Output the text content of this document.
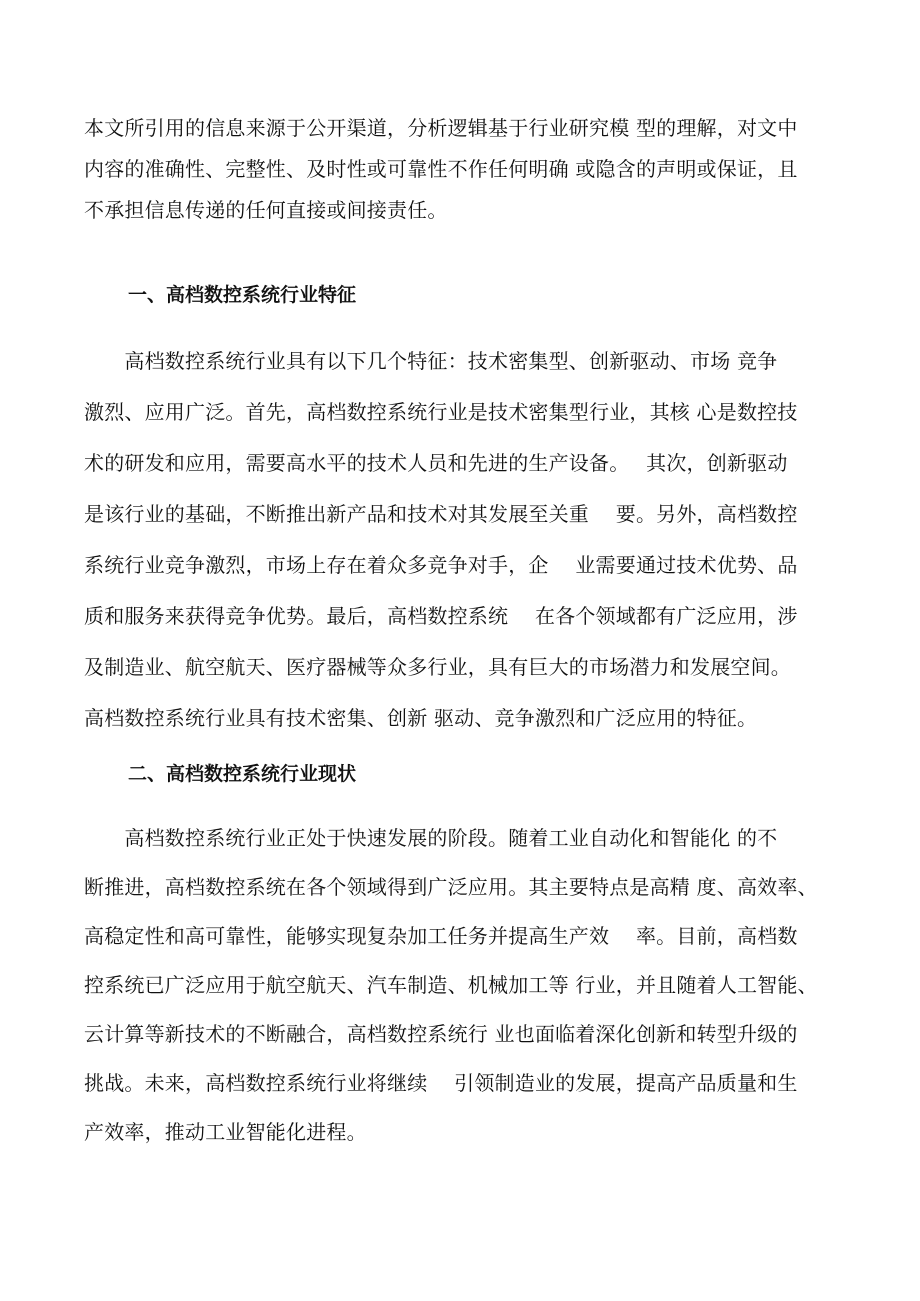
本文所引用的信息来源于公开渠道，分析逻辑基于行业研究模 型的理解，对文中
内容的准确性、完整性、及时性或可靠性不作任何明确 或隐含的声明或保证，且
不承担信息传递的任何直接或间接责任。

一、高档数控系统行业特征

　　高档数控系统行业具有以下几个特征：技术密集型、创新驱动、市场 竞争
激烈、应用广泛。首先，高档数控系统行业是技术密集型行业，其核 心是数控技
术的研发和应用，需要高水平的技术人员和先进的生产设备。　 其次，创新驱动
是该行业的基础，不断推出新产品和技术对其发展至关重　 要。另外，高档数控
系统行业竞争激烈，市场上存在着众多竞争对手，企　 业需要通过技术优势、品
质和服务来获得竞争优势。最后，高档数控系统　 在各个领域都有广泛应用，涉
及制造业、航空航天、医疗器械等众多行业，具有巨大的市场潜力和发展空间。
高档数控系统行业具有技术密集、创新 驱动、竞争激烈和广泛应用的特征。

二、高档数控系统行业现状

　　高档数控系统行业正处于快速发展的阶段。随着工业自动化和智能化 的不
断推进，高档数控系统在各个领域得到广泛应用。其主要特点是高精 度、高效率、
高稳定性和高可靠性，能够实现复杂加工任务并提高生产效　 率。目前，高档数
控系统已广泛应用于航空航天、汽车制造、机械加工等 行业，并且随着人工智能、
云计算等新技术的不断融合，高档数控系统行 业也面临着深化创新和转型升级的
挑战。未来，高档数控系统行业将继续　 引领制造业的发展，提高产品质量和生
产效率，推动工业智能化进程。
